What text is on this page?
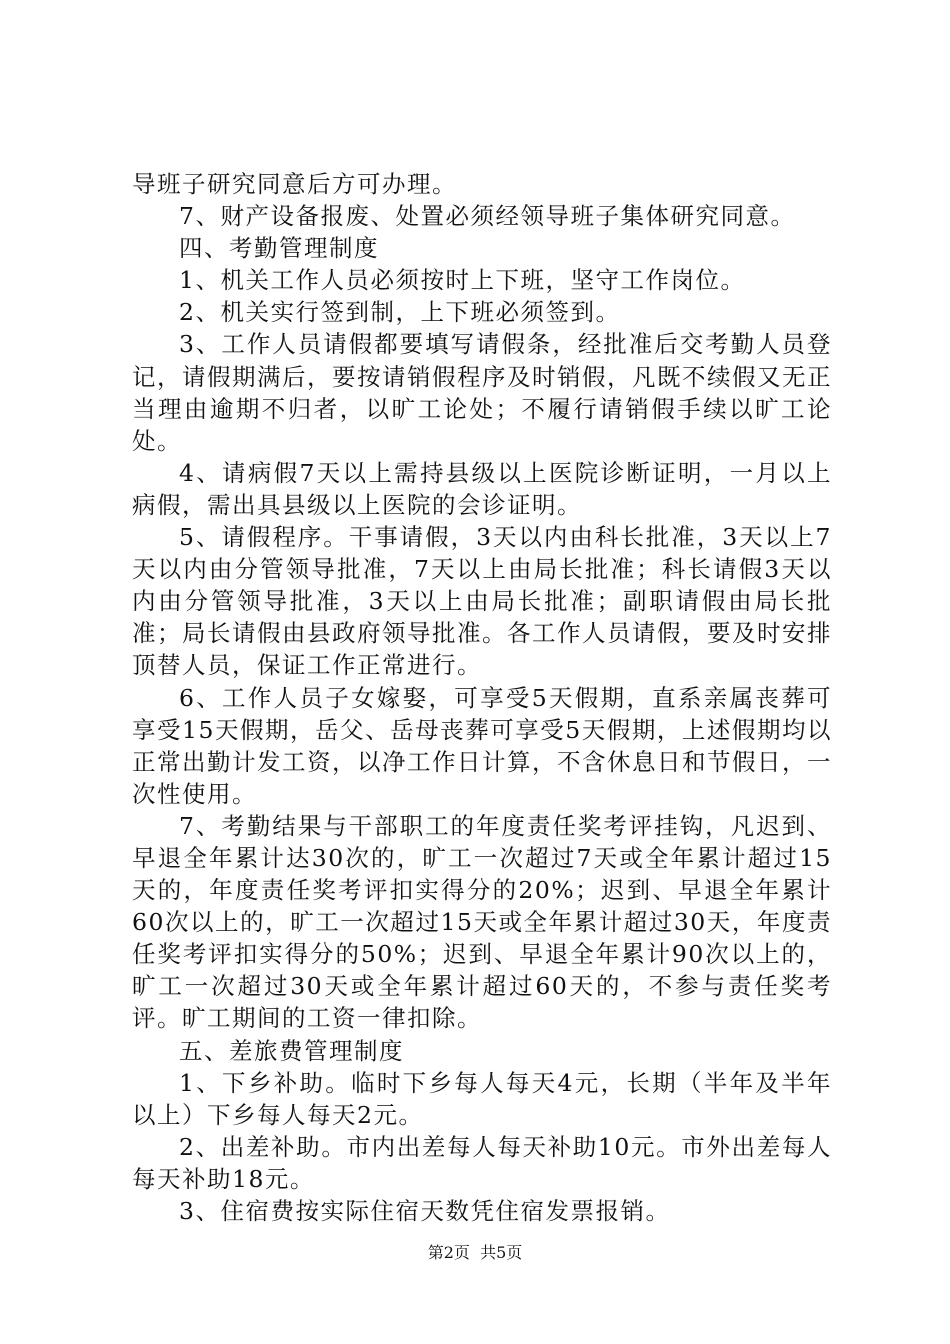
导班子研究同意后方可办理。

7、财产设备报废、处置必须经领导班子集体研究同意。

四、考勤管理制度

1、机关工作人员必须按时上下班，坚守工作岗位。

2、机关实行签到制，上下班必须签到。

3、工作人员请假都要填写请假条，经批准后交考勤人员登记，请假期满后，要按请销假程序及时销假，凡既不续假又无正当理由逾期不归者，以旷工论处；不履行请销假手续以旷工论处。

4、请病假7天以上需持县级以上医院诊断证明，一月以上病假，需出具县级以上医院的会诊证明。

5、请假程序。干事请假，3天以内由科长批准，3天以上7天以内由分管领导批准，7天以上由局长批准；科长请假3天以内由分管领导批准，3天以上由局长批准；副职请假由局长批准；局长请假由县政府领导批准。各工作人员请假，要及时安排顶替人员，保证工作正常进行。

6、工作人员子女嫁娶，可享受5天假期，直系亲属丧葬可享受15天假期，岳父、岳母丧葬可享受5天假期，上述假期均以正常出勤计发工资，以净工作日计算，不含休息日和节假日，一次性使用。

7、考勤结果与干部职工的年度责任奖考评挂钩，凡迟到、早退全年累计达30次的，旷工一次超过7天或全年累计超过15天的，年度责任奖考评扣实得分的20%；迟到、早退全年累计60次以上的，旷工一次超过15天或全年累计超过30天，年度责任奖考评扣实得分的50%；迟到、早退全年累计90次以上的，旷工一次超过30天或全年累计超过60天的，不参与责任奖考评。旷工期间的工资一律扣除。

五、差旅费管理制度

1、下乡补助。临时下乡每人每天4元，长期（半年及半年以上）下乡每人每天2元。

2、出差补助。市内出差每人每天补助10元。市外出差每人每天补助18元。

3、住宿费按实际住宿天数凭住宿发票报销。

第2页  共5页
